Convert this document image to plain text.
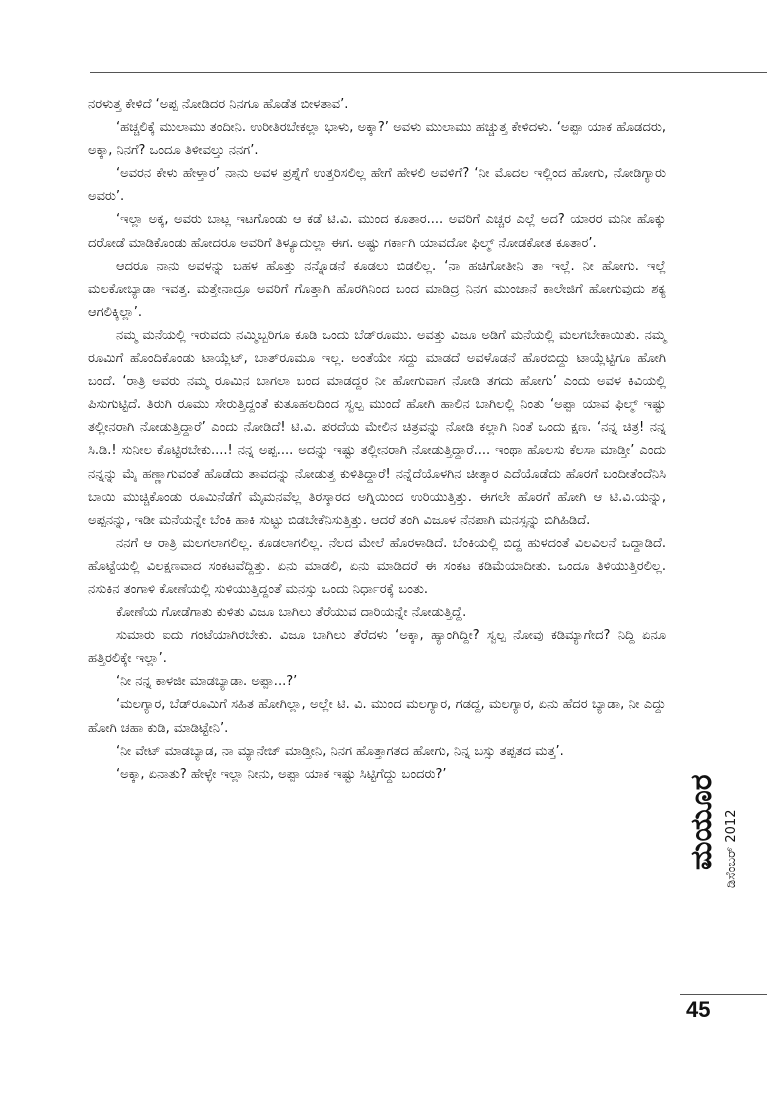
ನರಳುತ್ತ ಕೇಳಿದೆ ‘ಅಪ್ಪ ನೋಡಿದರ ನಿನಗೂ ಹೊಡೆತ ಬೀಳತಾವ’.

‘ಹಚ್ಚಲಿಕ್ಕೆ ಮುಲಾಮು ತಂದೀನಿ. ಉರೀತಿರಬೇಕಲ್ಲಾ ಭಾಳು, ಅಕ್ಕಾ?’ ಅವಳು ಮುಲಾಮು ಹಚ್ಚುತ್ತ ಕೇಳಿದಳು. ‘ಅಪ್ಪಾ ಯಾಕ ಹೊಡದರು, ಅಕ್ಕಾ, ನಿನಗೆ? ಒಂದೂ ತಿಳೀವಲ್ತು ನನಗ’.

‘ಅವರನ ಕೇಳು ಹೇಳ್ತಾರ’ ನಾನು ಅವಳ ಪ್ರಶ್ನೆಗೆ ಉತ್ತರಿಸಲಿಲ್ಲ ಹೇಗೆ ಹೇಳಲಿ ಅವಳಿಗೆ? ‘ನೀ ಮೊದಲ ಇಲ್ಲಿಂದ ಹೋಗು, ನೋಡಿಗ್ಯಾರು ಅವರು’.

‘ಇಲ್ಲಾ ಅಕ್ಕ, ಅವರು ಬಾಟ್ಲ ಇಟಗೊಂಡು ಆ ಕಡೆ ಟಿ.ವಿ. ಮುಂದ ಕೂತಾರ.... ಅವರಿಗೆ ಎಚ್ಚರ ಎಲ್ಲೆ ಅದ? ಯಾರರ ಮನೀ ಹೊಕ್ಕು ದರೋಡೆ ಮಾಡಿಕೊಂಡು ಹೋದರೂ ಅವರಿಗೆ ತಿಳ್ಯೂದುಲ್ಲಾ ಈಗ. ಅಷ್ಟು ಗರ್ಕಾಗಿ ಯಾವದೋ ಫಿಲ್ಮ್ ನೋಡಕೋತ ಕೂತಾರ’.

ಆದರೂ ನಾನು ಅವಳನ್ನು ಬಹಳ ಹೊತ್ತು ನನ್ನೊಡನೆ ಕೂಡಲು ಬಿಡಲಿಲ್ಲ. ‘ನಾ ಹಚಿಗೋತೀನಿ ತಾ ಇಲ್ಲೆ. ನೀ ಹೋಗು. ಇಲ್ಲೆ ಮಲಕೋಬ್ಯಾಡಾ ಇವತ್ತ. ಮತ್ತೇನಾದ್ರೂ ಅವರಿಗೆ ಗೊತ್ತಾಗಿ ಹೊರಗಿನಿಂದ ಬಂದ ಮಾಡಿದ್ರ ನಿನಗ ಮುಂಜಾನೆ ಕಾಲೇಜಿಗೆ ಹೋಗುವುದು ಶಕ್ಯ ಆಗಲಿಕ್ಕಿಲ್ಲಾ’.

ನಮ್ಮ ಮನೆಯಲ್ಲಿ ಇರುವದು ನಮ್ಮಿಬ್ಬರಿಗೂ ಕೂಡಿ ಒಂದು ಬೆಡ್‌ರೂಮು. ಅವತ್ತು ವಿಜೂ ಅಡಿಗೆ ಮನೆಯಲ್ಲಿ ಮಲಗಬೇಕಾಯಿತು. ನಮ್ಮ ರೂಮಿಗೆ ಹೊಂದಿಕೊಂಡು ಟಾಯ್ಲೆಟ್, ಬಾತ್‌ರೂಮೂ ಇಲ್ಲ. ಅಂತೆಯೇ ಸದ್ದು ಮಾಡದೆ ಅವಳೊಡನೆ ಹೊರಬಿದ್ದು ಟಾಯ್ಲೆಟ್ಟಿಗೂ ಹೋಗಿ ಬಂದೆ. ‘ರಾತ್ರಿ ಅವರು ನಮ್ಮ ರೂಮಿನ ಬಾಗಲಾ ಬಂದ ಮಾಡದ್ದರ ನೀ ಹೋಗುವಾಗ ನೋಡಿ ತಗದು ಹೋಗು’ ಎಂದು ಅವಳ ಕಿವಿಯಲ್ಲಿ ಪಿಸುಗುಟ್ಟಿದೆ. ತಿರುಗಿ ರೂಮು ಸೇರುತ್ತಿದ್ದಂತೆ ಕುತೂಹಲದಿಂದ ಸ್ವಲ್ಪ ಮುಂದೆ ಹೋಗಿ ಹಾಲಿನ ಬಾಗಿಲಲ್ಲಿ ನಿಂತು ‘ಅಪ್ಪಾ ಯಾವ ಫಿಲ್ಮ್ ಇಷ್ಟು ತಲ್ಲೀನರಾಗಿ ನೋಡುತ್ತಿದ್ದಾರೆ’ ಎಂದು ನೋಡಿದೆ! ಟಿ.ವಿ. ಪರದೆಯ ಮೇಲಿನ ಚಿತ್ರವನ್ನು ನೋಡಿ ಕಲ್ಲಾಗಿ ನಿಂತೆ ಒಂದು ಕ್ಷಣ. ‘ನನ್ನ ಚಿತ್ರ! ನನ್ನ ಸಿ.ಡಿ.! ಸುನೀಲ ಕೊಟ್ಟಿರಬೇಕು....! ನನ್ನ ಅಪ್ಪ.... ಅದನ್ನು ಇಷ್ಟು ತಲ್ಲೀನರಾಗಿ ನೋಡುತ್ತಿದ್ದಾರೆ.... ಇಂಥಾ ಹೊಲಸು ಕೆಲಸಾ ಮಾಡ್ತೀ’ ಎಂದು ನನ್ನನ್ನು ಮೈ ಹಣ್ಣಾಗುವಂತೆ ಹೊಡೆದು ತಾವದನ್ನು ನೋಡುತ್ತ ಕುಳಿತಿದ್ದಾರೆ! ನನ್ನೆದೆಯೊಳಗಿನ ಚೀತ್ಕಾರ ಎದೆಯೊಡೆದು ಹೊರಗೆ ಬಂದೀತೆಂದೆನಿಸಿ ಬಾಯಿ ಮುಚ್ಚಿಕೊಂಡು ರೂಮಿನೆಡೆಗೆ ಮೈಮನವೆಲ್ಲ ತಿರಸ್ಕಾರದ ಅಗ್ನಿಯಿಂದ ಉರಿಯುತ್ತಿತ್ತು. ಈಗಲೇ ಹೊರಗೆ ಹೋಗಿ ಆ ಟಿ.ವಿ.ಯನ್ನು, ಅಪ್ಪನನ್ನು, ಇಡೀ ಮನೆಯನ್ನೇ ಬೆಂಕಿ ಹಾಕಿ ಸುಟ್ಟು ಬಿಡಬೇಕೆನಿಸುತ್ತಿತ್ತು. ಆದರೆ ತಂಗಿ ವಿಜೂಳ ನೆನಪಾಗಿ ಮನಸ್ಸನ್ನು ಬಿಗಿಹಿಡಿದೆ.

ನನಗೆ ಆ ರಾತ್ರಿ ಮಲಗಲಾಗಲಿಲ್ಲ. ಕೂಡಲಾಗಲಿಲ್ಲ. ನೆಲದ ಮೇಲೆ ಹೊರಳಾಡಿದೆ. ಬೆಂಕಿಯಲ್ಲಿ ಬಿದ್ದ ಹುಳದಂತೆ ವಿಲವಿಲನೆ ಒದ್ದಾಡಿದೆ. ಹೊಟ್ಟೆಯಲ್ಲಿ ವಿಲಕ್ಷಣವಾದ ಸಂಕಟವೆದ್ದಿತ್ತು. ಏನು ಮಾಡಲಿ, ಏನು ಮಾಡಿದರೆ ಈ ಸಂಕಟ ಕಡಿಮೆಯಾದೀತು. ಒಂದೂ ತಿಳಿಯುತ್ತಿರಲಿಲ್ಲ. ನಸುಕಿನ ತಂಗಾಳಿ ಕೋಣೆಯಲ್ಲಿ ಸುಳಿಯುತ್ತಿದ್ದಂತೆ ಮನಸ್ಸು ಒಂದು ನಿರ್ಧಾರಕ್ಕೆ ಬಂತು.

ಕೋಣೆಯ ಗೋಡೆಗಾತು ಕುಳಿತು ವಿಜೂ ಬಾಗಿಲು ತೆರೆಯುವ ದಾರಿಯನ್ನೇ ನೋಡುತ್ತಿದ್ದೆ.

ಸುಮಾರು ಐದು ಗಂಟೆಯಾಗಿರಬೇಕು. ವಿಜೂ ಬಾಗಿಲು ತೆರೆದಳು ‘ಅಕ್ಕಾ, ಹ್ಯಾಂಗಿದ್ದೀ? ಸ್ವಲ್ಪ ನೋವು ಕಡಿಮ್ಯಾಗೇದ? ನಿದ್ದಿ ಏನೂ ಹತ್ತಿರಲಿಕ್ಕೇ ಇಲ್ಲಾ’.

‘ನೀ ನನ್ನ ಕಾಳಜೀ ಮಾಡಬ್ಯಾಡಾ. ಅಪ್ಪಾ...?’

‘ಮಲಗ್ಯಾರ, ಬೆಡ್‌ರೂಮಿಗೆ ಸಹಿತ ಹೋಗಿಲ್ಲಾ, ಅಲ್ಲೇ ಟಿ. ವಿ. ಮುಂದ ಮಲಗ್ಯಾರ, ಗಡದ್ದ, ಮಲಗ್ಯಾರ, ಏನು ಹೆದರ ಬ್ಯಾಡಾ, ನೀ ಎದ್ದು ಹೋಗಿ ಚಹಾ ಕುಡಿ, ಮಾಡಿಟ್ಟೇನಿ’.

‘ನೀ ವೇಟ್ ಮಾಡಬ್ಯಾಡ, ನಾ ಮ್ಯಾನೇಜ್ ಮಾಡ್ತೀನಿ, ನಿನಗ ಹೊತ್ತಾಗತದ ಹೋಗು, ನಿನ್ನ ಬಸ್ಸು ತಪ್ಪತದ ಮತ್ತ’.

‘ಅಕ್ಕಾ, ಏನಾತು? ಹೇಳ್ಳೇ ಇಲ್ಲಾ ನೀನು, ಅಪ್ಪಾ ಯಾಕ ಇಷ್ಟು ಸಿಟ್ಟಿಗೆದ್ದು ಬಂದರು?’

ಮಯೂರ ಡಿಸೆಂಬರ್ 2012
45
